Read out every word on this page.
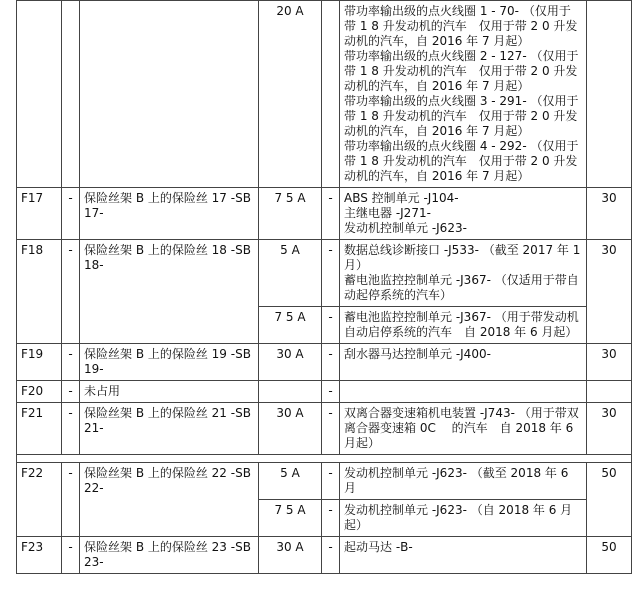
			20 A		带功率输出级的点火线圈 1 - 70- （仅用于带 1 8 升发动机的汽车　仅用于带 2 0 升发动机的汽车，自 2016 年 7 月起）
带功率输出级的点火线圈 2 - 127- （仅用于带 1 8 升发动机的汽车　仅用于带 2 0 升发动机的汽车，自 2016 年 7 月起）
带功率输出级的点火线圈 3 - 291- （仅用于带 1 8 升发动机的汽车　仅用于带 2 0 升发动机的汽车，自 2016 年 7 月起）
带功率输出级的点火线圈 4 - 292- （仅用于带 1 8 升发动机的汽车　仅用于带 2 0 升发动机的汽车，自 2016 年 7 月起）	

F17	-	保险丝架 B 上的保险丝 17 -SB17-	7 5 A	-	ABS 控制单元 -J104-
主继电器 -J271-
发动机控制单元 -J623-	30
F18	-	保险丝架 B 上的保险丝 18 -SB18-	5 A	-	数据总线诊断接口 -J533- （截至 2017 年 1 月）
蓄电池监控控制单元 -J367- （仅适用于带自动起停系统的汽车）	30
			7 5 A	-	蓄电池监控控制单元 -J367- （用于带发动机自动启停系统的汽车　自 2018 年 6 月起）	

F19	-	保险丝架 B 上的保险丝 19 -SB19-	30 A	-	刮水器马达控制单元 -J400-	30
F20	-	未占用		-	

F21	-	保险丝架 B 上的保险丝 21 -SB21-	30 A	-	双离合器变速箱机电装置 -J743- （用于带双离合器变速箱 0C　 的汽车　自 2018 年 6 月起）	30

F22	-	保险丝架 B 上的保险丝 22 -SB22-	5 A	-	发动机控制单元 -J623- （截至 2018 年 6 月	50
			7 5 A	-	发动机控制单元 -J623- （自 2018 年 6 月起）	

F23	-	保险丝架 B 上的保险丝 23 -SB23-	30 A	-	起动马达 -B-	50
